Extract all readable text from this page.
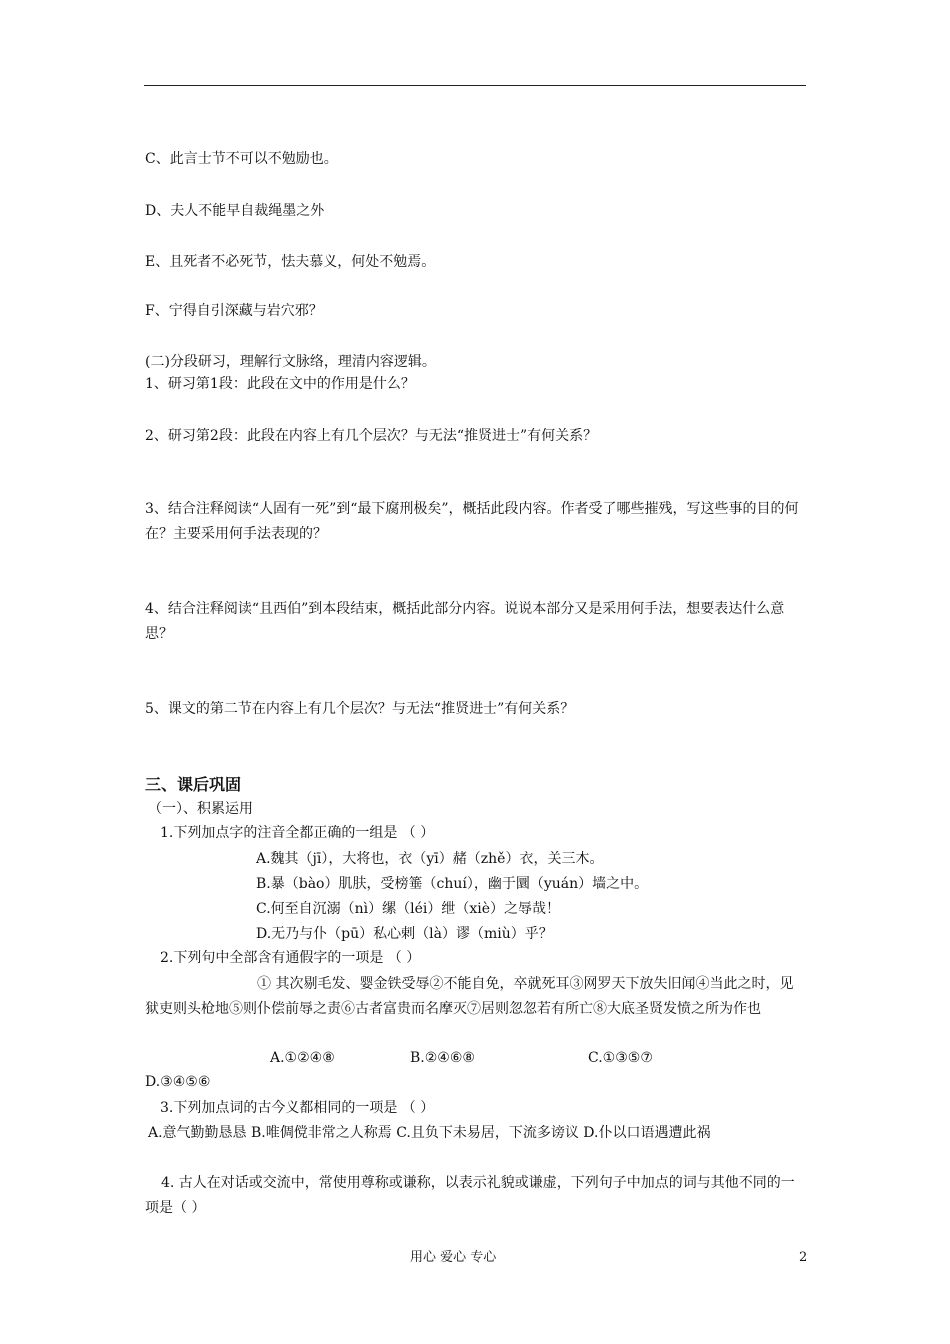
C、此言士节不可以不勉励也。
D、夫人不能早自裁绳墨之外
E、且死者不必死节，怯夫慕义，何处不勉焉。
F、宁得自引深藏与岩穴邪？
(二)分段研习，理解行文脉络，理清内容逻辑。
1、研习第1段：此段在文中的作用是什么？
2、研习第2段：此段在内容上有几个层次？与无法“推贤进士”有何关系？
3、结合注释阅读“人固有一死”到“最下腐刑极矣”，概括此段内容。作者受了哪些摧残，写这些事的目的何在？主要采用何手法表现的？
4、结合注释阅读“且西伯”到本段结束，概括此部分内容。说说本部分又是采用何手法，想要表达什么意思？
5、课文的第二节在内容上有几个层次？与无法“推贤进士”有何关系？
三、课后巩固
（一）、积累运用
1.下列加点字的注音全都正确的一组是 （ ）
A.魏其（jī），大将也，衣（yī）赭（zhě）衣，关三木。
B.暴（bào）肌肤，受榜箠（chuí），幽于圜（yuán）墙之中。
C.何至自沉溺（nì）缧（léi）绁（xiè）之辱哉！
D.无乃与仆（pū）私心剌（là）谬（miù）乎？
2.下列句中全部含有通假字的一项是 （ ）
① 其次剔毛发、婴金铁受辱②不能自免，卒就死耳③网罗天下放失旧闻④当此之时，见狱吏则头枪地⑤则仆偿前辱之责⑥古者富贵而名摩灭⑦居则忽忽若有所亡⑧大底圣贤发愤之所为作也
A.①②④⑧	B.②④⑥⑧	C.①③⑤⑦
D.③④⑤⑥
3.下列加点词的古今义都相同的一项是 （ ）
A.意气勤勤恳恳 B.唯倜傥非常之人称焉 C.且负下未易居，下流多谤议 D.仆以口语遇遭此祸
4. 古人在对话或交流中，常使用尊称或谦称，以表示礼貌或谦虚，下列句子中加点的词与其他不同的一项是（ ）
用心 爱心 专心	2
